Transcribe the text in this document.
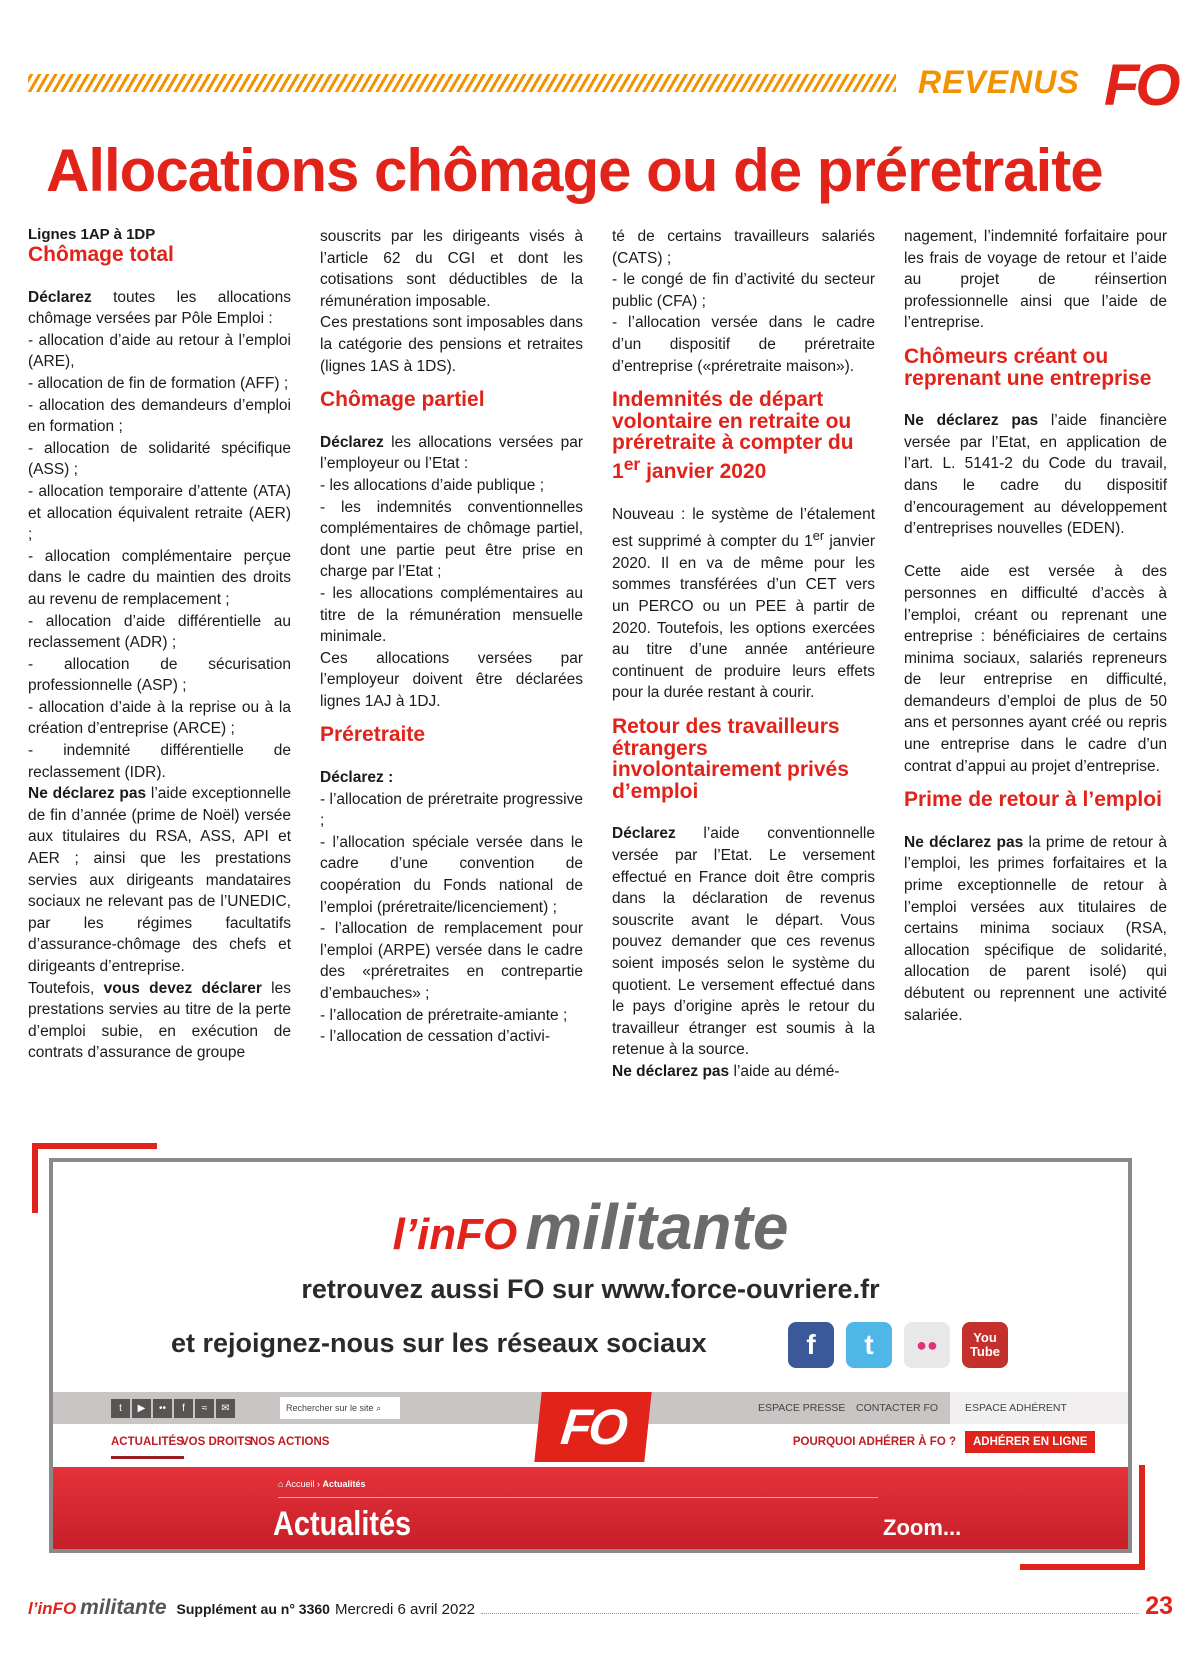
REVENUS FO
Allocations chômage ou de préretraite
Lignes 1AP à 1DP
Chômage total

Déclarez toutes les allocations chômage versées par Pôle Emploi :

- allocation d’aide au retour à l’emploi (ARE),

- allocation de fin de formation (AFF) ;

- allocation des demandeurs d’emploi en formation ;

- allocation de solidarité spécifique (ASS) ;

- allocation temporaire d’attente (ATA) et allocation équivalent retraite (AER) ;

- allocation complémentaire perçue dans le cadre du maintien des droits au revenu de remplacement ;

- allocation d’aide différentielle au reclassement (ADR) ;

- allocation de sécurisation professionnelle (ASP) ;

- allocation d’aide à la reprise ou à la création d’entreprise (ARCE) ;

- indemnité différentielle de reclassement (IDR).

Ne déclarez pas l’aide exceptionnelle de fin d’année (prime de Noël) versée aux titulaires du RSA, ASS, API et AER ; ainsi que les prestations servies aux dirigeants mandataires sociaux ne relevant pas de l’UNEDIC, par les régimes facultatifs d’assurance-chômage des chefs et dirigeants d’entreprise.

Toutefois, vous devez déclarer les prestations servies au titre de la perte d’emploi subie, en exécution de contrats d’assurance de groupe

souscrits par les dirigeants visés à l’article 62 du CGI et dont les cotisations sont déductibles de la rémunération imposable.

Ces prestations sont imposables dans la catégorie des pensions et retraites (lignes 1AS à 1DS).

Chômage partiel

Déclarez les allocations versées par l’employeur ou l’Etat :

- les allocations d’aide publique ;

- les indemnités conventionnelles complémentaires de chômage partiel, dont une partie peut être prise en charge par l’Etat ;

- les allocations complémentaires au titre de la rémunération mensuelle minimale.

Ces allocations versées par l’employeur doivent être déclarées lignes 1AJ à 1DJ.

Préretraite

Déclarez :

- l’allocation de préretraite progressive ;

- l’allocation spéciale versée dans le cadre d’une convention de coopération du Fonds national de l’emploi (préretraite/licenciement) ;

- l’allocation de remplacement pour l’emploi (ARPE) versée dans le cadre des «préretraites en contrepartie d’embauches» ;

- l’allocation de préretraite-amiante ;

- l’allocation de cessation d’activi-

té de certains travailleurs salariés (CATS) ;

- le congé de fin d’activité du secteur public (CFA) ;

- l’allocation versée dans le cadre d’un dispositif de préretraite d’entreprise («préretraite maison»).

Indemnités de départ volontaire en retraite ou préretraite à compter du 1er janvier 2020

Nouveau : le système de l’étalement est supprimé à compter du 1er janvier 2020. Il en va de même pour les sommes transférées d’un CET vers un PERCO ou un PEE à partir de 2020. Toutefois, les options exercées au titre d’une année antérieure continuent de produire leurs effets pour la durée restant à courir.

Retour des travailleurs étrangers involontairement privés d’emploi

Déclarez l’aide conventionnelle versée par l’Etat. Le versement effectué en France doit être compris dans la déclaration de revenus souscrite avant le départ. Vous pouvez demander que ces revenus soient imposés selon le système du quotient. Le versement effectué dans le pays d’origine après le retour du travailleur étranger est soumis à la retenue à la source.

Ne déclarez pas l’aide au démé-

nagement, l’indemnité forfaitaire pour les frais de voyage de retour et l’aide au projet de réinsertion professionnelle ainsi que l’aide de l’entreprise.

Chômeurs créant ou reprenant une entreprise

Ne déclarez pas l’aide financière versée par l’Etat, en application de l’art. L. 5141-2 du Code du travail, dans le cadre du dispositif d’encouragement au développement d’entreprises nouvelles (EDEN).

Cette aide est versée à des personnes en difficulté d’accès à l’emploi, créant ou reprenant une entreprise : bénéficiaires de certains minima sociaux, salariés repreneurs de leur entreprise en difficulté, demandeurs d’emploi de plus de 50 ans et personnes ayant créé ou repris une entreprise dans le cadre d’un contrat d’appui au projet d’entreprise.

Prime de retour à l’emploi

Ne déclarez pas la prime de retour à l’emploi, les primes forfaitaires et la prime exceptionnelle de retour à l’emploi versées aux titulaires de certains minima sociaux (RSA, allocation spécifique de solidarité, allocation de parent isolé) qui débutent ou reprennent une activité salariée.

l’inFO militante
retrouvez aussi FO sur www.force-ouvriere.fr
et rejoignez-nous sur les réseaux sociaux	f	t	●●	You Tube
t	▶	••	f	≈	✉	Rechercher sur le site ⌕	ESPACE PRESSE CONTACTER FO	ESPACE ADHÉRENT
ACTUALITÉS
VOS DROITS
NOS ACTIONS	POURQUOI ADHÉRER À FO ?	ADHÉRER EN LIGNE
⌂ Accueil › Actualités
Actualités	Zoom...
FO
l’inFO militante Supplément au n° 3360 Mercredi 6 avril 2022	23
